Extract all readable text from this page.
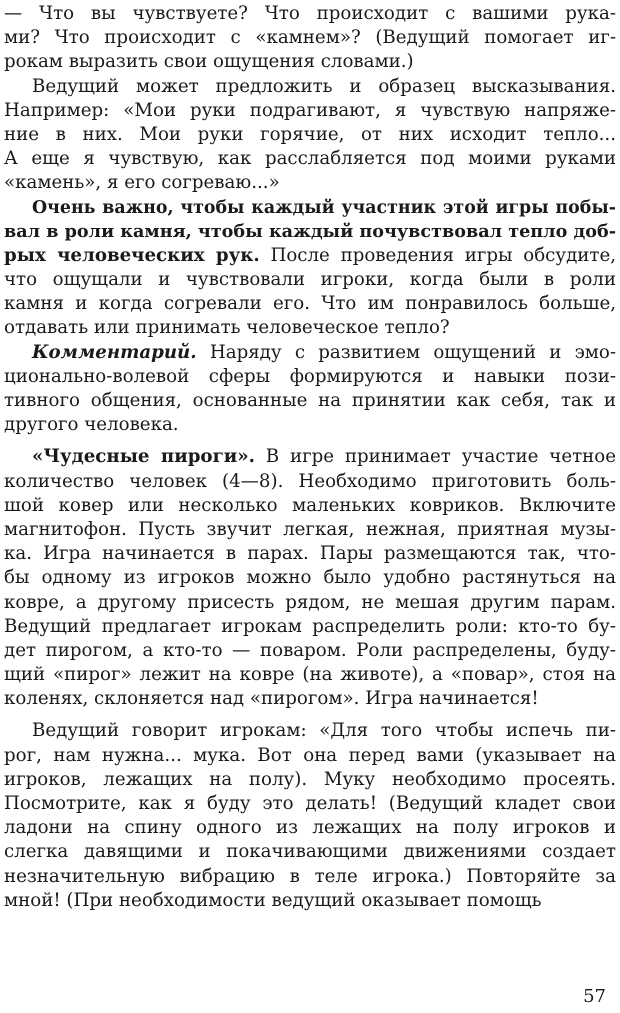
— Что вы чувствуете? Что происходит с вашими рука-
ми? Что происходит с «камнем»? (Ведущий помогает иг-
рокам выразить свои ощущения словами.)
Ведущий может предложить и образец высказывания.
Например: «Мои руки подрагивают, я чувствую напряже-
ние в них. Мои руки горячие, от них исходит тепло...
А еще я чувствую, как расслабляется под моими руками
«камень», я его согреваю...»
Очень важно, чтобы каждый участник этой игры побы-
вал в роли камня, чтобы каждый почувствовал тепло доб-
рых человеческих рук. После проведения игры обсудите,
что ощущали и чувствовали игроки, когда были в роли
камня и когда согревали его. Что им понравилось больше,
отдавать или принимать человеческое тепло?
Комментарий. Наряду с развитием ощущений и эмо-
ционально-волевой сферы формируются и навыки пози-
тивного общения, основанные на принятии как себя, так и
другого человека.
«Чудесные пироги». В игре принимает участие четное
количество человек (4—8). Необходимо приготовить боль-
шой ковер или несколько маленьких ковриков. Включите
магнитофон. Пусть звучит легкая, нежная, приятная музы-
ка. Игра начинается в парах. Пары размещаются так, что-
бы одному из игроков можно было удобно растянуться на
ковре, а другому присесть рядом, не мешая другим парам.
Ведущий предлагает игрокам распределить роли: кто-то бу-
дет пирогом, а кто-то — поваром. Роли распределены, буду-
щий «пирог» лежит на ковре (на животе), а «повар», стоя на
коленях, склоняется над «пирогом». Игра начинается!
Ведущий говорит игрокам: «Для того чтобы испечь пи-
рог, нам нужна... мука. Вот она перед вами (указывает на
игроков, лежащих на полу). Муку необходимо просеять.
Посмотрите, как я буду это делать! (Ведущий кладет свои
ладони на спину одного из лежащих на полу игроков и
слегка давящими и покачивающими движениями создает
незначительную вибрацию в теле игрока.) Повторяйте за
мной! (При необходимости ведущий оказывает помощь
57
